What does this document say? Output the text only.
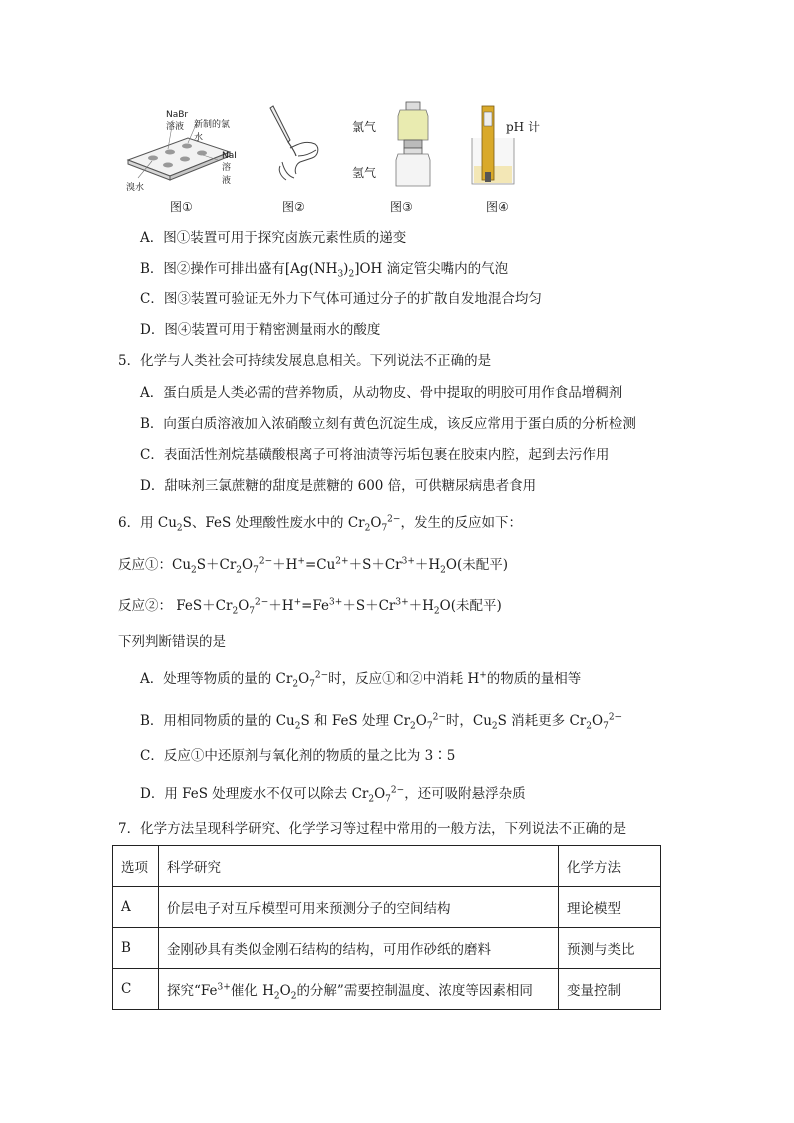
NaBr
溶液 新制的氯水
NaI
溶液
溴水
图①	图②
氯气
氢气
图③
pH 计
图④
A．图①装置可用于探究卤族元素性质的递变
B．图②操作可排出盛有$[Ag(NH_3)_2]OH$ 滴定管尖嘴内的气泡
C．图③装置可验证无外力下气体可通过分子的扩散自发地混合均匀
D．图④装置可用于精密测量雨水的酸度
5．化学与人类社会可持续发展息息相关。下列说法不正确的是
A．蛋白质是人类必需的营养物质，从动物皮、骨中提取的明胶可用作食品增稠剂
B．向蛋白质溶液加入浓硝酸立刻有黄色沉淀生成，该反应常用于蛋白质的分析检测
C．表面活性剂烷基磺酸根离子可将油渍等污垢包裹在胶束内腔，起到去污作用
D．甜味剂三氯蔗糖的甜度是蔗糖的 600 倍，可供糖尿病患者食用
6．用 $Cu_2S$、FeS 处理酸性废水中的 $Cr_2O_7^{2-}$，发生的反应如下：
反应①：$Cu_2S+Cr_2O_7^{2-}+H^+=Cu^{2+}+S+Cr^{3+}+H_2O$(未配平)
反应②： $FeS+Cr_2O_7^{2-}+H^+=Fe^{3+}+S+Cr^{3+}+H_2O$(未配平)
下列判断错误的是
A．处理等物质的量的 $Cr_2O_7^{2-}$时，反应①和②中消耗 H+的物质的量相等
B．用相同物质的量的 $Cu_2S$ 和 FeS 处理 $Cr_2O_7^{2-}$时，$Cu_2S$ 消耗更多 $Cr_2O_7^{2-}$
C．反应①中还原剂与氧化剂的物质的量之比为 3∶5
D．用 FeS 处理废水不仅可以除去 $Cr_2O_7^{2-}$，还可吸附悬浮杂质
7．化学方法呈现科学研究、化学学习等过程中常用的一般方法，下列说法不正确的是
选项	科学研究	化学方法
A	价层电子对互斥模型可用来预测分子的空间结构	理论模型
B	金刚砂具有类似金刚石结构的结构，可用作砂纸的磨料	预测与类比
C	探究“$Fe^{3+}$催化 $H_2O_2$的分解”需要控制温度、浓度等因素相同	变量控制
